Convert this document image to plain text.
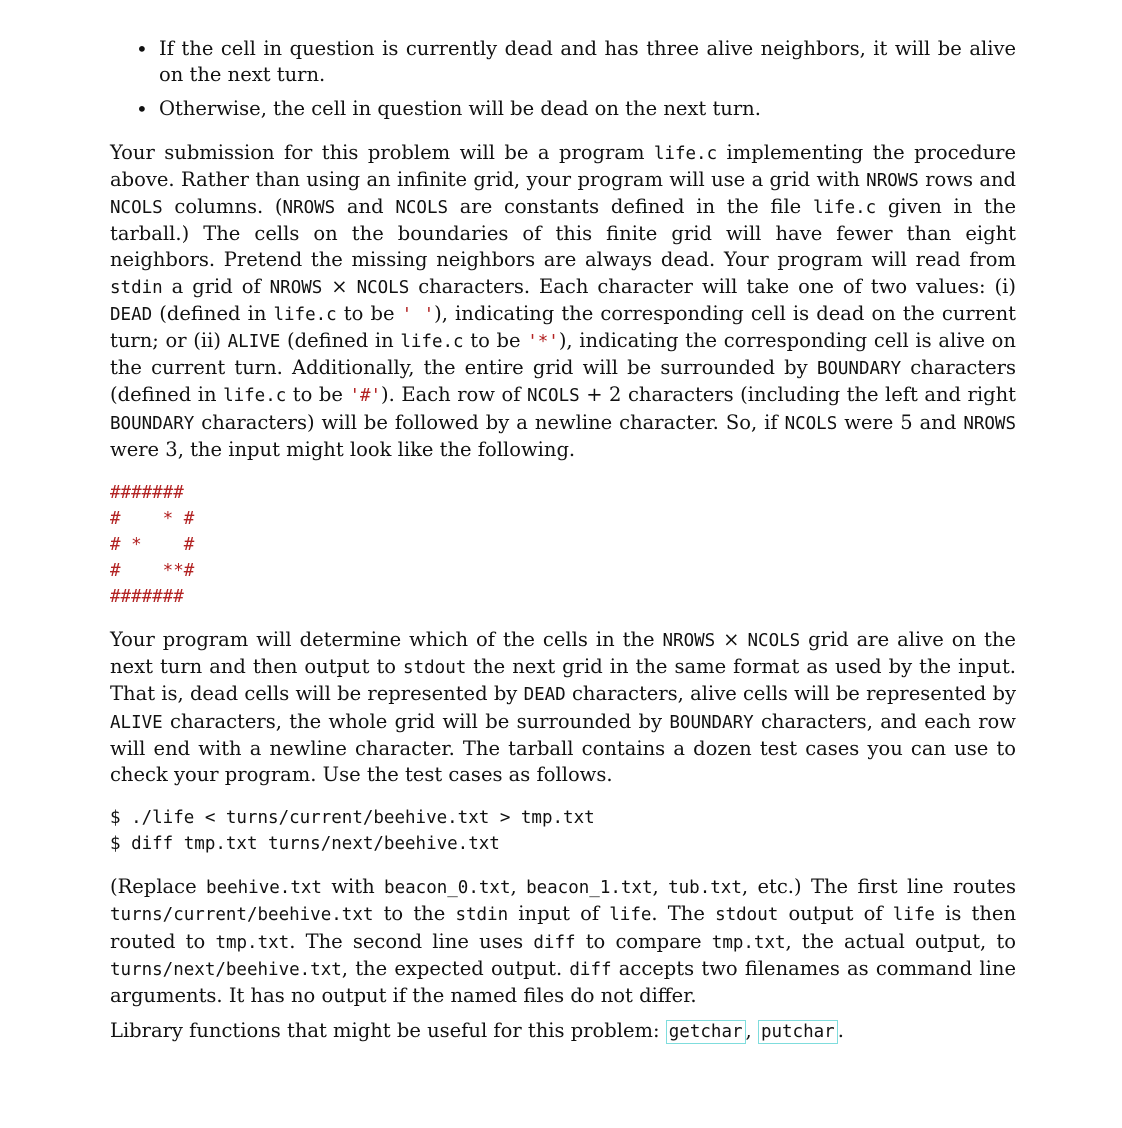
• If the cell in question is currently dead and has three alive neighbors, it will be alive on the next turn.
• Otherwise, the cell in question will be dead on the next turn.

Your submission for this problem will be a program life.c implementing the procedure above. Rather than using an infinite grid, your program will use a grid with NROWS rows and NCOLS columns. (NROWS and NCOLS are constants defined in the file life.c given in the tarball.) The cells on the boundaries of this finite grid will have fewer than eight neighbors. Pretend the missing neighbors are always dead. Your program will read from stdin a grid of NROWS × NCOLS characters. Each character will take one of two values: (i) DEAD (defined in life.c to be ' '), indicating the corresponding cell is dead on the current turn; or (ii) ALIVE (defined in life.c to be '*'), indicating the corresponding cell is alive on the current turn. Additionally, the entire grid will be surrounded by BOUNDARY characters (defined in life.c to be '#'). Each row of NCOLS + 2 characters (including the left and right BOUNDARY characters) will be followed by a newline character. So, if NCOLS were 5 and NROWS were 3, the input might look like the following.

#######
#    * #
# *    #
#    **#
#######

Your program will determine which of the cells in the NROWS × NCOLS grid are alive on the next turn and then output to stdout the next grid in the same format as used by the input. That is, dead cells will be represented by DEAD characters, alive cells will be represented by ALIVE characters, the whole grid will be surrounded by BOUNDARY characters, and each row will end with a newline character. The tarball contains a dozen test cases you can use to check your program. Use the test cases as follows.

$ ./life < turns/current/beehive.txt > tmp.txt
$ diff tmp.txt turns/next/beehive.txt

(Replace beehive.txt with beacon_0.txt, beacon_1.txt, tub.txt, etc.) The first line routes turns/current/beehive.txt to the stdin input of life. The stdout output of life is then routed to tmp.txt. The second line uses diff to compare tmp.txt, the actual output, to turns/next/beehive.txt, the expected output. diff accepts two filenames as command line arguments. It has no output if the named files do not differ.

Library functions that might be useful for this problem: getchar , putchar .
